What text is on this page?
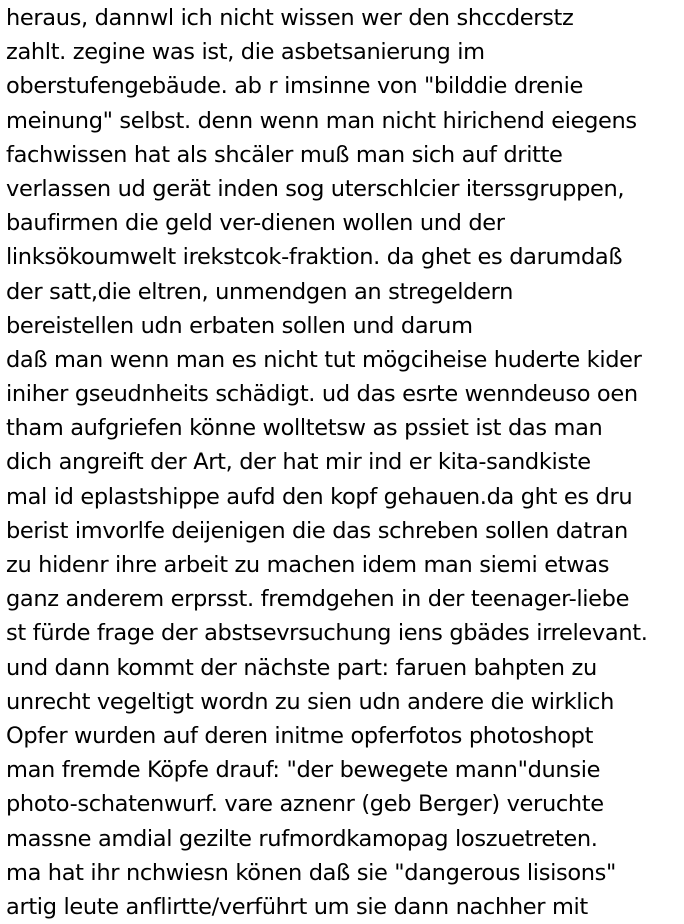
heraus, dannwl ich nicht wissen wer den shccderstz
zahlt. zegine was ist, die asbetsanierung im
oberstufengebäude. ab r imsinne von "bilddie drenie
meinung" selbst. denn wenn man nicht hirichend eiegens
fachwissen hat als shcäler muß man sich auf dritte
verlassen ud gerät inden sog uterschlcier iterssgruppen,
baufirmen die geld ver-dienen wollen und der
linksökoumwelt irekstcok-fraktion. da ghet es darumdaß
der satt,die eltren, unmendgen an stregeldern
bereistellen udn erbaten sollen und darum
daß man wenn man es nicht tut mögciheise huderte kider
iniher gseudnheits schädigt. ud das esrte wenndeuso oen
tham aufgriefen könne wolltetsw as pssiet ist das man
dich angreift der Art, der hat mir ind er kita-sandkiste
mal id eplastshippe aufd den kopf gehauen.da ght es dru
berist imvorlfe deijenigen die das schreben sollen datran
zu hidenr ihre arbeit zu machen idem man siemi etwas
ganz anderem erprsst. fremdgehen in der teenager-liebe
st fürde frage der abstsevrsuchung iens gbädes irrelevant.
und dann kommt der nächste part: faruen bahpten zu
unrecht vegeltigt wordn zu sien udn andere die wirklich
Opfer wurden auf deren initme opferfotos photoshopt
man fremde Köpfe drauf: "der bewegete mann"dunsie
photo-schatenwurf. vare aznenr (geb Berger) veruchte
massne amdial gezilte rufmordkamopag loszuetreten.
ma hat ihr nchwiesn könen daß sie "dangerous lisisons"
artig leute anflirtte/verführt um sie dann nachher mit
